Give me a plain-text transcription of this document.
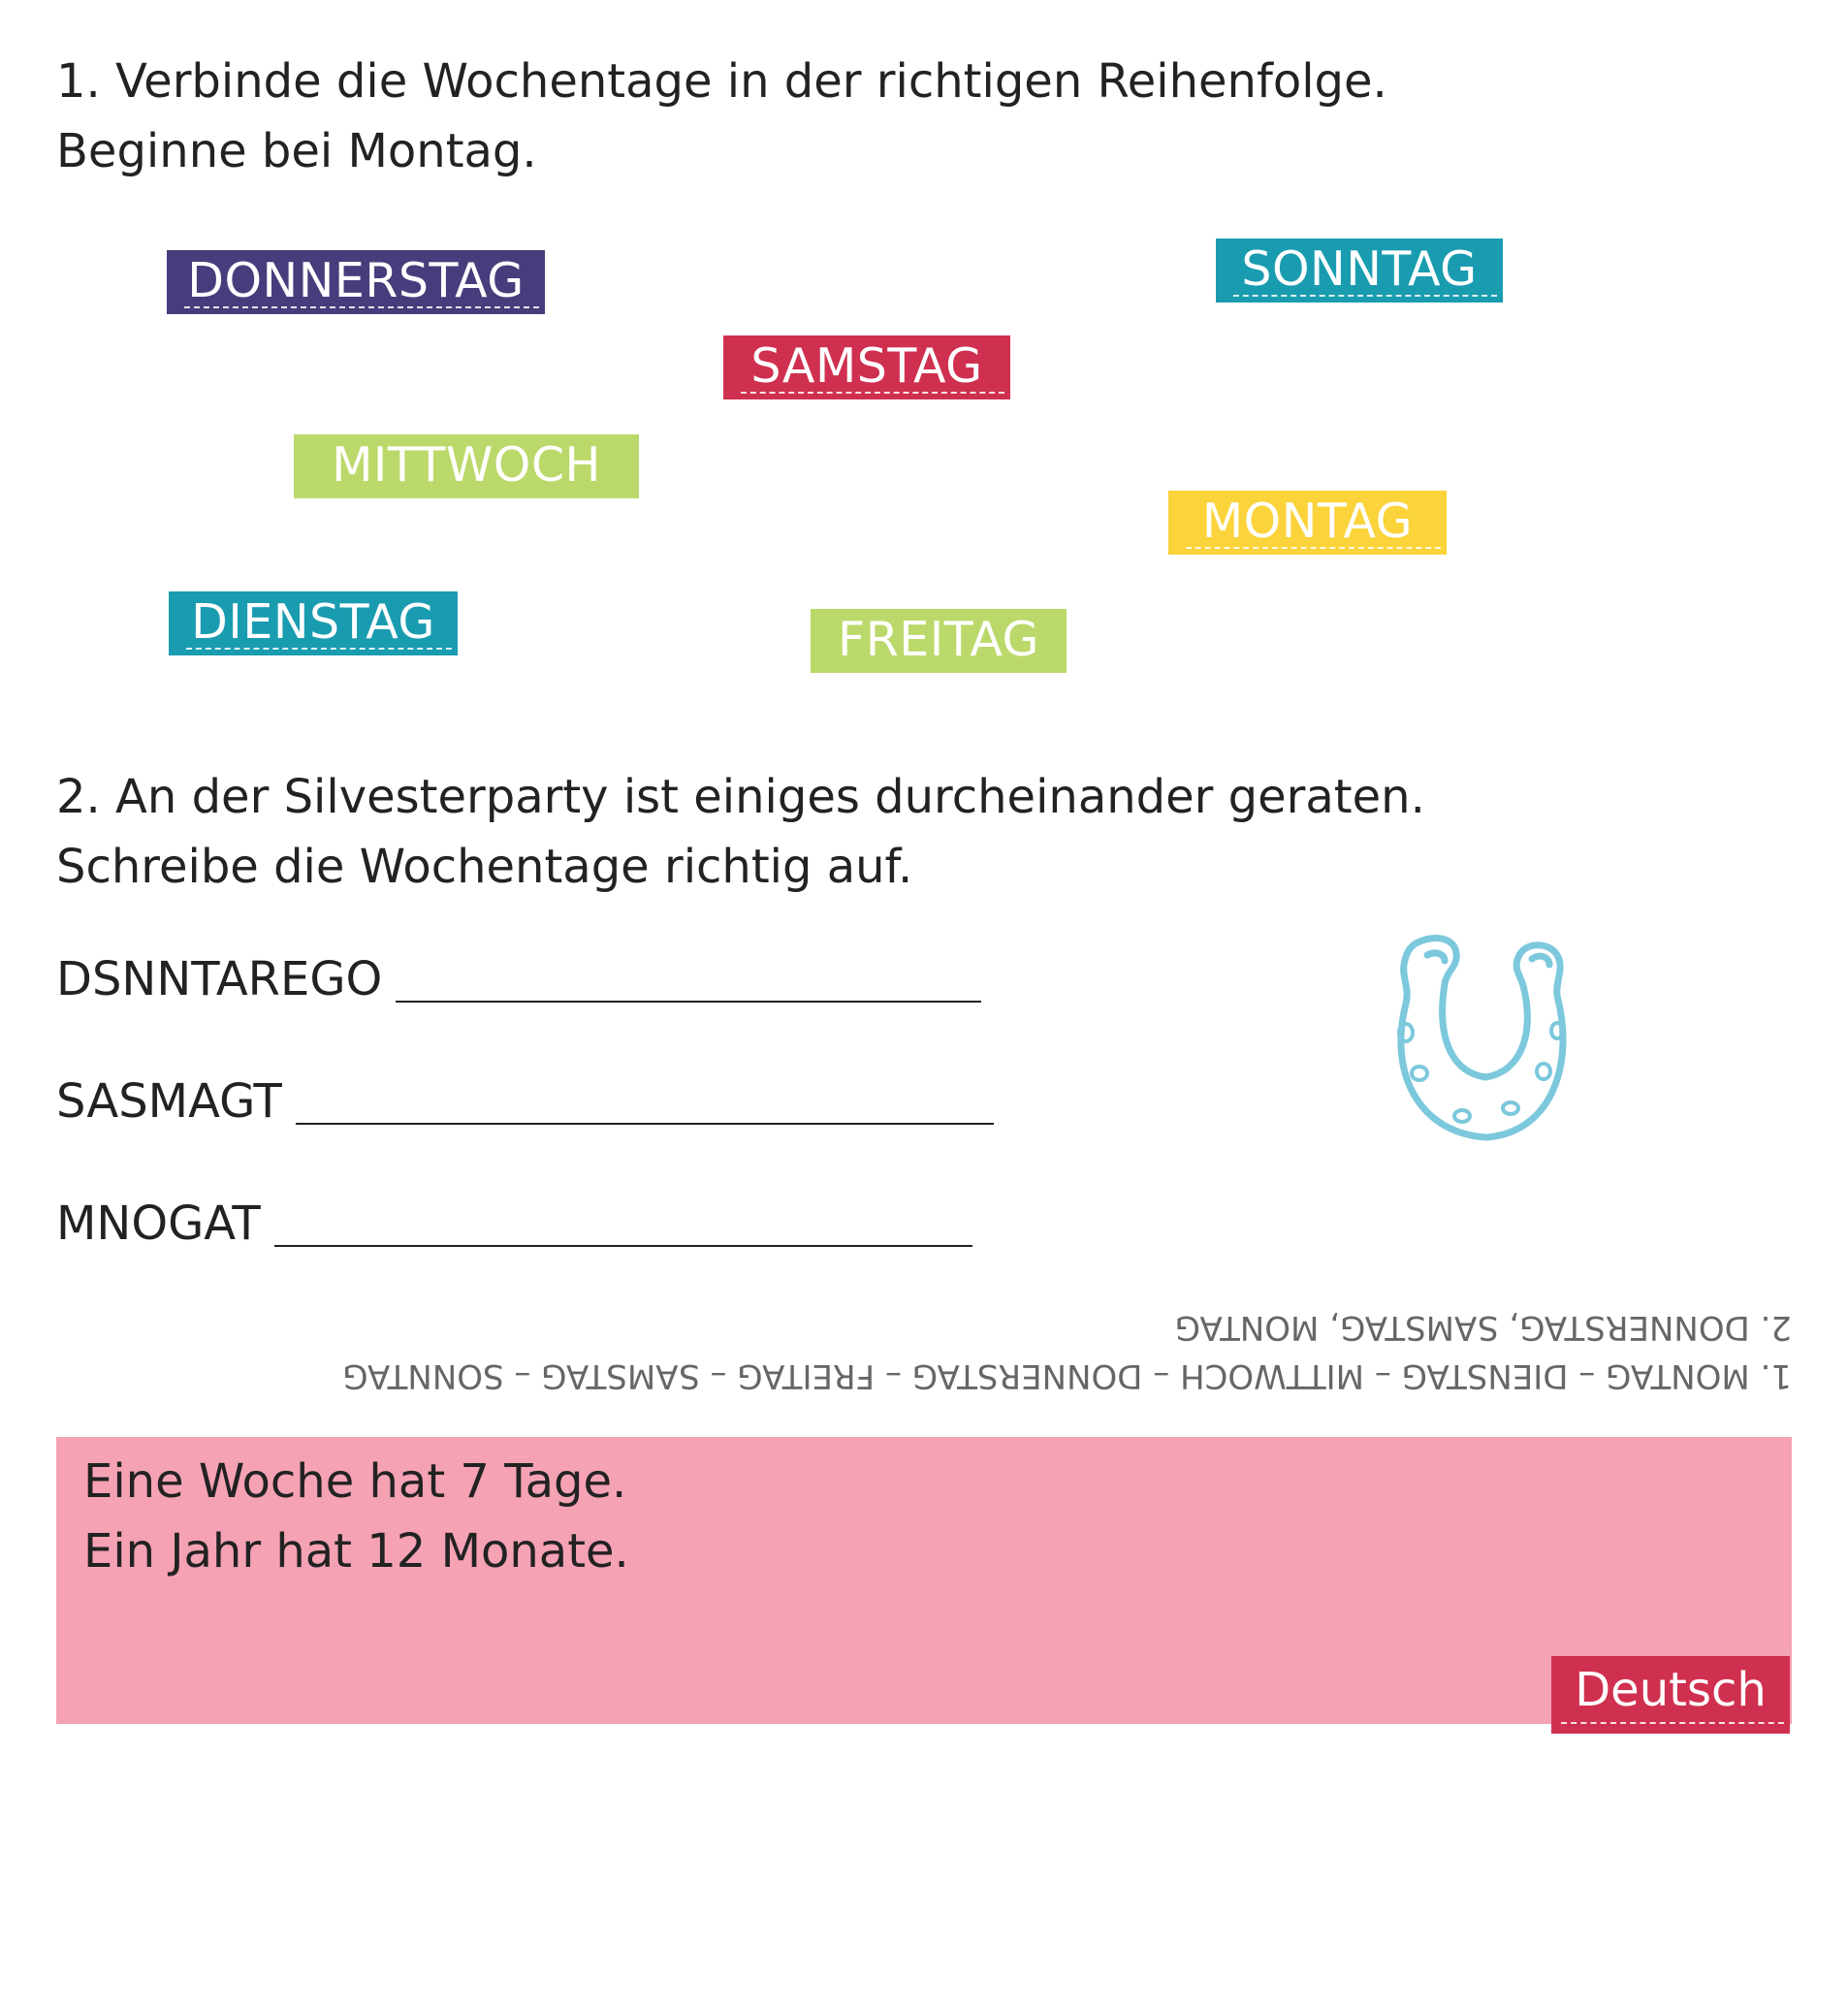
1. Verbinde die Wochentage in der richtigen Reihenfolge.
Beginne bei Montag.
DONNERSTAG	SONNTAG
SAMSTAG
MITTWOCH
MONTAG
DIENSTAG	FREITAG
2. An der Silvesterparty ist einiges durcheinander geraten.
Schreibe die Wochentage richtig auf.
DSNNTAREGO
SASMAGT
MNOGAT
1. MONTAG – DIENSTAG – MITTWOCH – DONNERSTAG – FREITAG – SAMSTAG – SONNTAG
2. DONNERSTAG, SAMSTAG, MONTAG
Eine Woche hat 7 Tage.
Ein Jahr hat 12 Monate.
Deutsch
